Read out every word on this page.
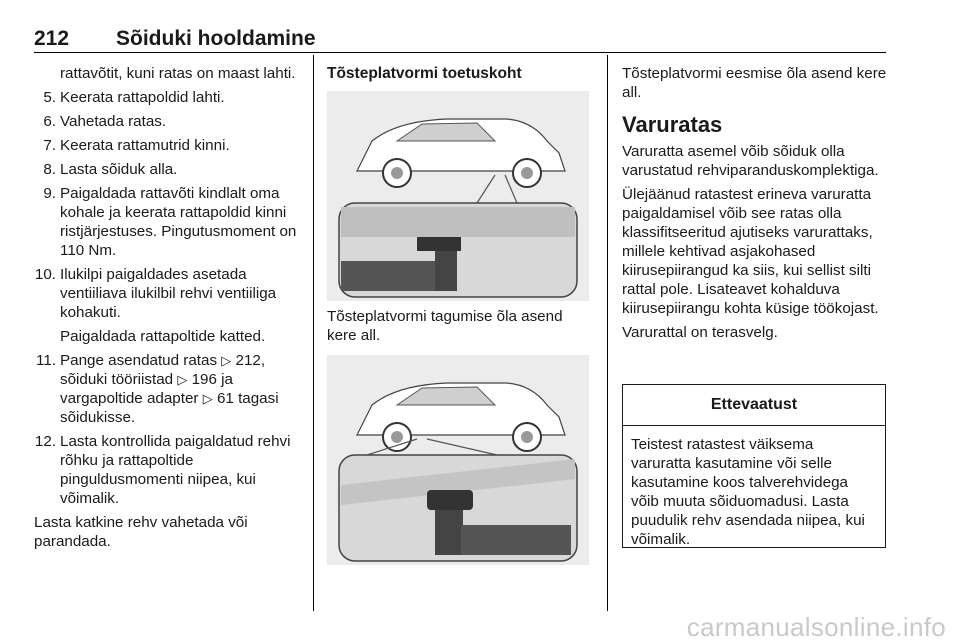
212 Sõiduki hooldamine
rattavõtit, kuni ratas on maast lahti.
5. Keerata rattapoldid lahti.
6. Vahetada ratas.
7. Keerata rattamutrid kinni.
8. Lasta sõiduk alla.
9. Paigaldada rattavõti kindlalt oma kohale ja keerata rattapoldid kinni ristjärjestuses. Pingutusmoment on 110 Nm.
10. Ilukilpi paigaldades asetada ventiiliava ilukilbil rehvi ventiiliga kohakuti.
Paigaldada rattapoltide katted.
11. Pange asendatud ratas ▷ 212, sõiduki tööriistad ▷ 196 ja vargapoltide adapter ▷ 61 tagasi sõidukisse.
12. Lasta kontrollida paigaldatud rehvi rõhku ja rattapoltide pinguldusmomenti niipea, kui võimalik.
Lasta katkine rehv vahetada või parandada.
Tõsteplatvormi toetuskoht
Tõsteplatvormi tagumise õla asend kere all.
Tõsteplatvormi eesmise õla asend kere all.
Varuratas
Varuratta asemel võib sõiduk olla varustatud rehviparanduskomplektiga.
Ülejäänud ratastest erineva varuratta paigaldamisel võib see ratas olla klassifitseeritud ajutiseks varurattaks, millele kehtivad asjakohased kiirusepiirangud ka siis, kui sellist silti rattal pole. Lisateavet kohalduva kiirusepiirangu kohta küsige töökojast.
Varurattal on terasvelg.
Ettevaatust
Teistest ratastest väiksema varuratta kasutamine või selle kasutamine koos talverehvidega võib muuta sõiduomadusi. Lasta puudulik rehv asendada niipea, kui võimalik.
carmanualsonline.info
